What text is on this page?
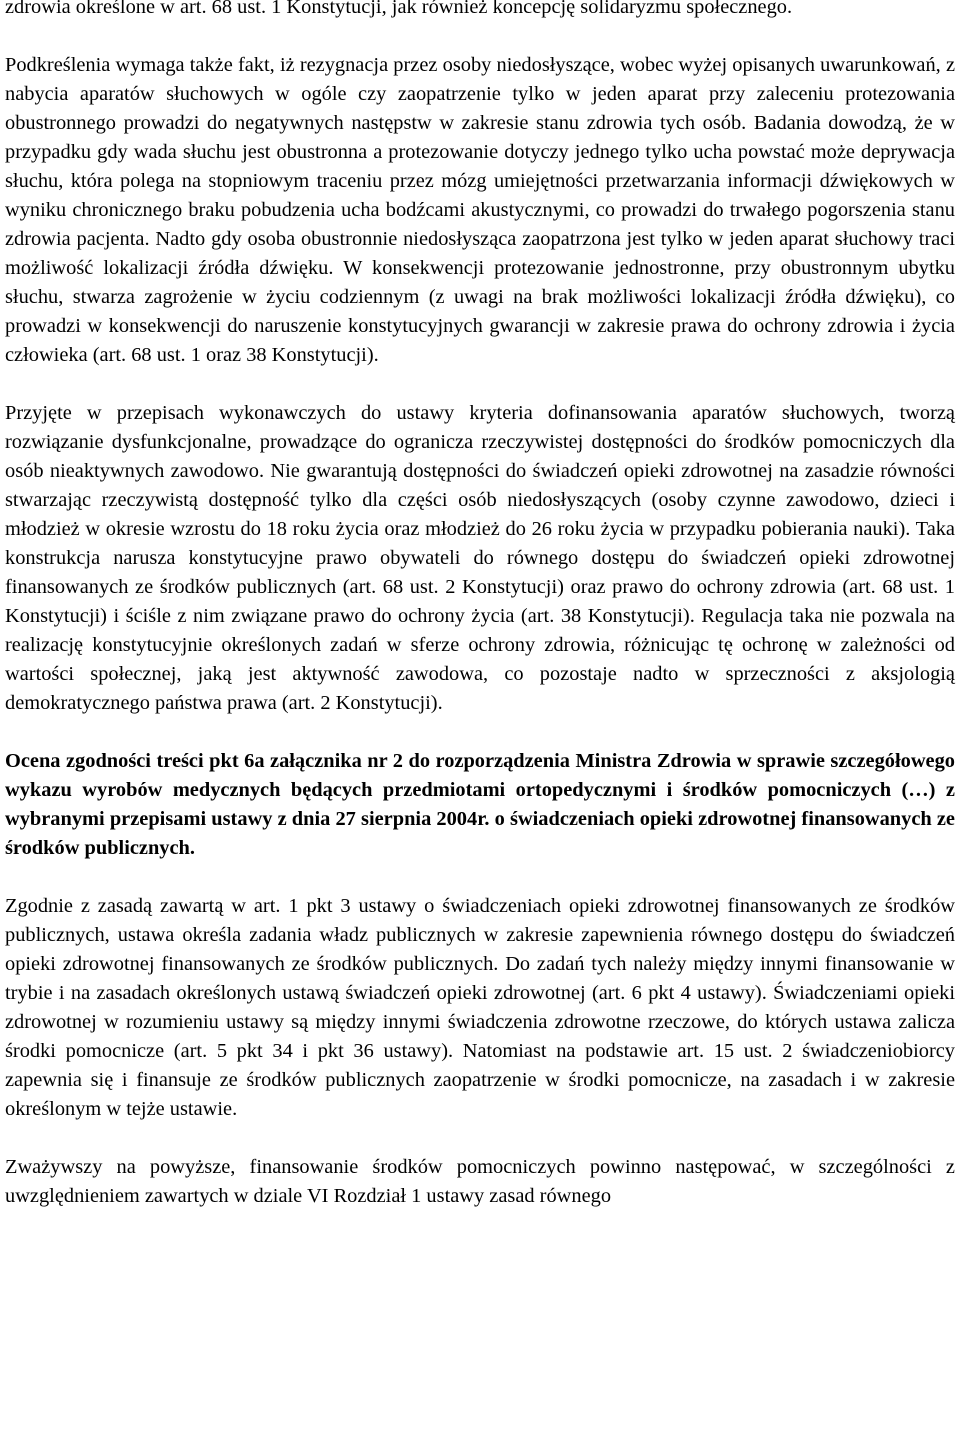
zdrowia określone w art. 68 ust. 1 Konstytucji, jak również koncepcję solidaryzmu społecznego.

Podkreślenia wymaga także fakt, iż rezygnacja przez osoby niedosłyszące, wobec wyżej opisanych uwarunkowań, z nabycia aparatów słuchowych w ogóle czy zaopatrzenie tylko w jeden aparat przy zaleceniu protezowania obustronnego prowadzi do negatywnych następstw w zakresie stanu zdrowia tych osób. Badania dowodzą, że w przypadku gdy wada słuchu jest obustronna a protezowanie dotyczy jednego tylko ucha powstać może deprywacja słuchu, która polega na stopniowym traceniu przez mózg umiejętności przetwarzania informacji dźwiękowych w wyniku chronicznego braku pobudzenia ucha bodźcami akustycznymi, co prowadzi do trwałego pogorszenia stanu zdrowia pacjenta. Nadto gdy osoba obustronnie niedosłysząca zaopatrzona jest tylko w jeden aparat słuchowy traci możliwość lokalizacji źródła dźwięku. W konsekwencji protezowanie jednostronne, przy obustronnym ubytku słuchu, stwarza zagrożenie w życiu codziennym (z uwagi na brak możliwości lokalizacji źródła dźwięku), co prowadzi w konsekwencji do naruszenie konstytucyjnych gwarancji w zakresie prawa do ochrony zdrowia i życia człowieka (art. 68 ust. 1 oraz 38 Konstytucji).

Przyjęte w przepisach wykonawczych do ustawy kryteria dofinansowania aparatów słuchowych, tworzą rozwiązanie dysfunkcjonalne, prowadzące do ogranicza rzeczywistej dostępności do środków pomocniczych dla osób nieaktywnych zawodowo. Nie gwarantują dostępności do świadczeń opieki zdrowotnej na zasadzie równości stwarzając rzeczywistą dostępność tylko dla części osób niedosłyszących (osoby czynne zawodowo, dzieci i młodzież w okresie wzrostu do 18 roku życia oraz młodzież do 26 roku życia w przypadku pobierania nauki). Taka konstrukcja narusza konstytucyjne prawo obywateli do równego dostępu do świadczeń opieki zdrowotnej finansowanych ze środków publicznych (art. 68 ust. 2 Konstytucji) oraz prawo do ochrony zdrowia (art. 68 ust. 1 Konstytucji) i ściśle z nim związane prawo do ochrony życia (art. 38 Konstytucji). Regulacja taka nie pozwala na realizację konstytucyjnie określonych zadań w sferze ochrony zdrowia, różnicując tę ochronę w zależności od wartości społecznej, jaką jest aktywność zawodowa, co pozostaje nadto w sprzeczności z aksjologią demokratycznego państwa prawa (art. 2 Konstytucji).

Ocena zgodności treści pkt 6a załącznika nr 2 do rozporządzenia Ministra Zdrowia w sprawie szczegółowego wykazu wyrobów medycznych będących przedmiotami ortopedycznymi i środków pomocniczych (…) z wybranymi przepisami ustawy z dnia 27 sierpnia 2004r. o świadczeniach opieki zdrowotnej finansowanych ze środków publicznych.

Zgodnie z zasadą zawartą w art. 1 pkt 3 ustawy o świadczeniach opieki zdrowotnej finansowanych ze środków publicznych, ustawa określa zadania władz publicznych w zakresie zapewnienia równego dostępu do świadczeń opieki zdrowotnej finansowanych ze środków publicznych. Do zadań tych należy między innymi finansowanie w trybie i na zasadach określonych ustawą świadczeń opieki zdrowotnej (art. 6 pkt 4 ustawy). Świadczeniami opieki zdrowotnej w rozumieniu ustawy są między innymi świadczenia zdrowotne rzeczowe, do których ustawa zalicza środki pomocnicze (art. 5 pkt 34 i pkt 36 ustawy). Natomiast na podstawie art. 15 ust. 2 świadczeniobiorcy zapewnia się i finansuje ze środków publicznych zaopatrzenie w środki pomocnicze, na zasadach i w zakresie określonym w tejże ustawie.

Zważywszy na powyższe, finansowanie środków pomocniczych powinno następować, w szczególności z uwzględnieniem zawartych w dziale VI Rozdział 1 ustawy zasad równego
